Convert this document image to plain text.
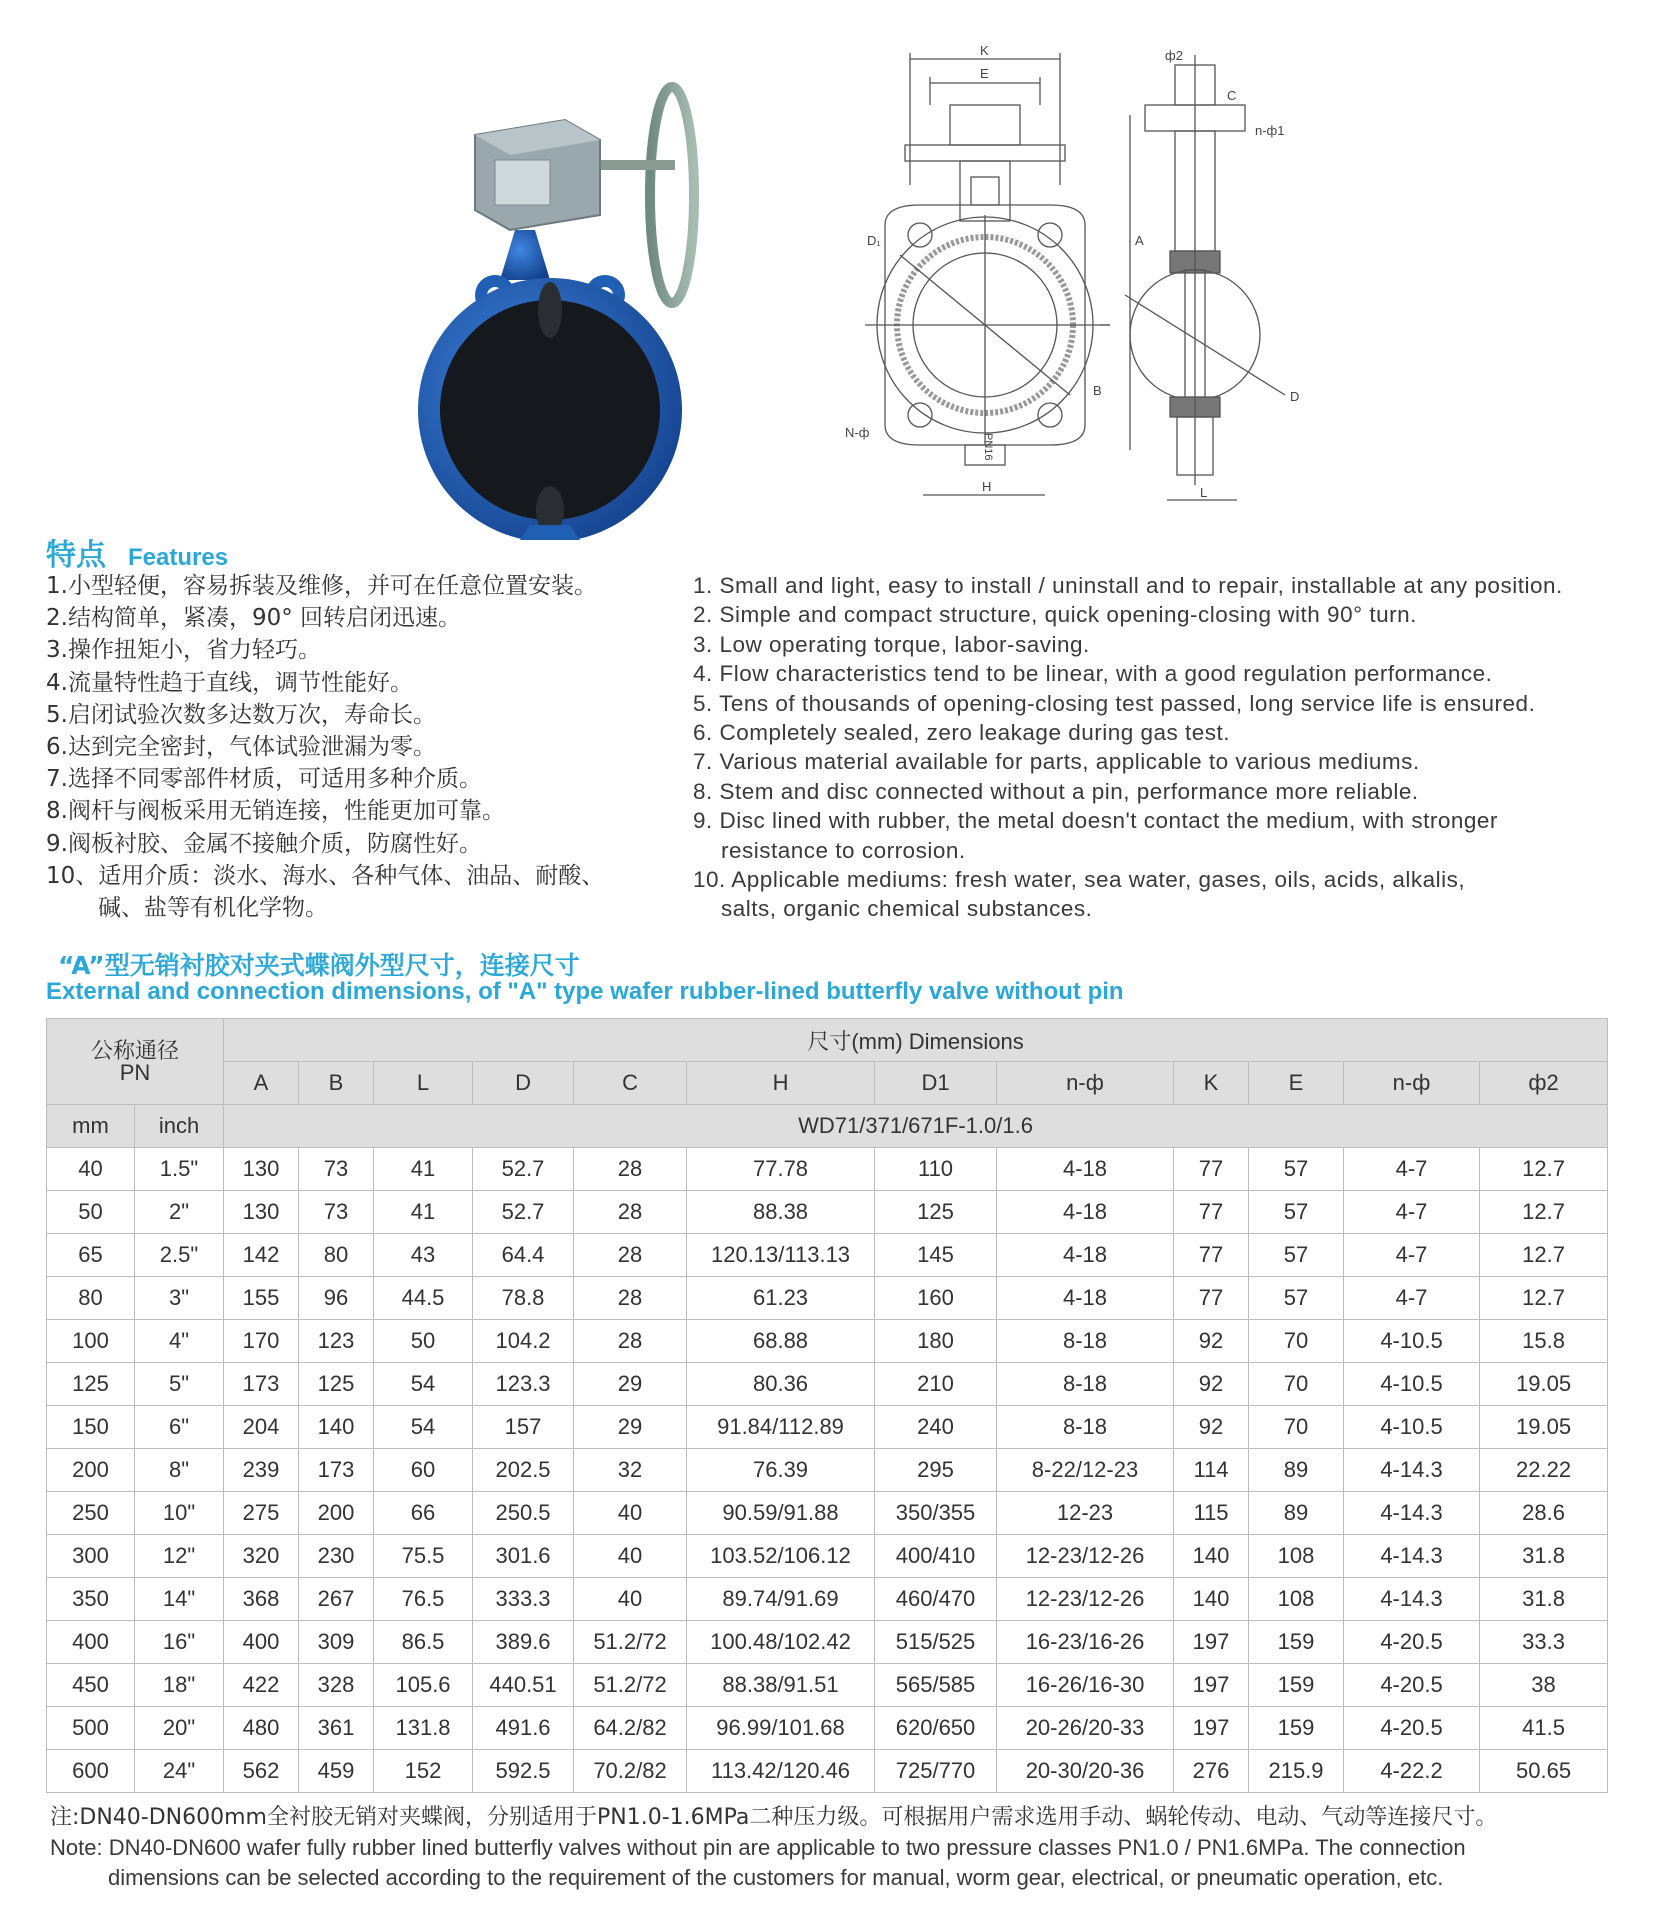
K
E
ф2
C
n-ф1
D₁	A
D
B
N-ф
PN16
H	L
特点 Features
1.小型轻便，容易拆装及维修，并可在任意位置安装。
2.结构简单，紧凑，90° 回转启闭迅速。
3.操作扭矩小，省力轻巧。
4.流量特性趋于直线，调节性能好。
5.启闭试验次数多达数万次，寿命长。
6.达到完全密封，气体试验泄漏为零。
7.选择不同零部件材质，可适用多种介质。
8.阀杆与阀板采用无销连接，性能更加可靠。
9.阀板衬胶、金属不接触介质，防腐性好。
10、适用介质：淡水、海水、各种气体、油品、耐酸、
碱、盐等有机化学物。
1. Small and light, easy to install / uninstall and to repair, installable at any position.
2. Simple and compact structure, quick opening-closing with 90° turn.
3. Low operating torque, labor-saving.
4. Flow characteristics tend to be linear, with a good regulation performance.
5. Tens of thousands of opening-closing test passed, long service life is ensured.
6. Completely sealed, zero leakage during gas test.
7. Various material available for parts, applicable to various mediums.
8. Stem and disc connected without a pin, performance more reliable.
9. Disc lined with rubber, the metal doesn't contact the medium, with stronger
resistance to corrosion.
10. Applicable mediums: fresh water, sea water, gases, oils, acids, alkalis,
salts, organic chemical substances.
“A”型无销衬胶对夹式蝶阀外型尺寸，连接尺寸
External and connection dimensions, of "A" type wafer rubber-lined butterfly valve without pin
公称通径
PN		尺寸(mm) Dimensions											
		A	B	L	D	C	H	D1	n-ф	K	E	n-ф	ф2
mm	inch	WD71/371/671F-1.0/1.6											
40	1.5"	130	73	41	52.7	28	77.78	110	4-18	77	57	4-7	12.7
50	2"	130	73	41	52.7	28	88.38	125	4-18	77	57	4-7	12.7
65	2.5"	142	80	43	64.4	28	120.13/113.13	145	4-18	77	57	4-7	12.7
80	3"	155	96	44.5	78.8	28	61.23	160	4-18	77	57	4-7	12.7
100	4"	170	123	50	104.2	28	68.88	180	8-18	92	70	4-10.5	15.8
125	5"	173	125	54	123.3	29	80.36	210	8-18	92	70	4-10.5	19.05
150	6"	204	140	54	157	29	91.84/112.89	240	8-18	92	70	4-10.5	19.05
200	8"	239	173	60	202.5	32	76.39	295	8-22/12-23	114	89	4-14.3	22.22
250	10"	275	200	66	250.5	40	90.59/91.88	350/355	12-23	115	89	4-14.3	28.6
300	12"	320	230	75.5	301.6	40	103.52/106.12	400/410	12-23/12-26	140	108	4-14.3	31.8
350	14"	368	267	76.5	333.3	40	89.74/91.69	460/470	12-23/12-26	140	108	4-14.3	31.8
400	16"	400	309	86.5	389.6	51.2/72	100.48/102.42	515/525	16-23/16-26	197	159	4-20.5	33.3
450	18"	422	328	105.6	440.51	51.2/72	88.38/91.51	565/585	16-26/16-30	197	159	4-20.5	38
500	20"	480	361	131.8	491.6	64.2/82	96.99/101.68	620/650	20-26/20-33	197	159	4-20.5	41.5
600	24"	562	459	152	592.5	70.2/82	113.42/120.46	725/770	20-30/20-36	276	215.9	4-22.2	50.65
注:DN40-DN600mm全衬胶无销对夹蝶阀，分别适用于PN1.0-1.6MPa二种压力级。可根据用户需求选用手动、蜗轮传动、电动、气动等连接尺寸。
Note: DN40-DN600 wafer fully rubber lined butterfly valves without pin are applicable to two pressure classes PN1.0 / PN1.6MPa. The connection
dimensions can be selected according to the requirement of the customers for manual, worm gear, electrical, or pneumatic operation, etc.
